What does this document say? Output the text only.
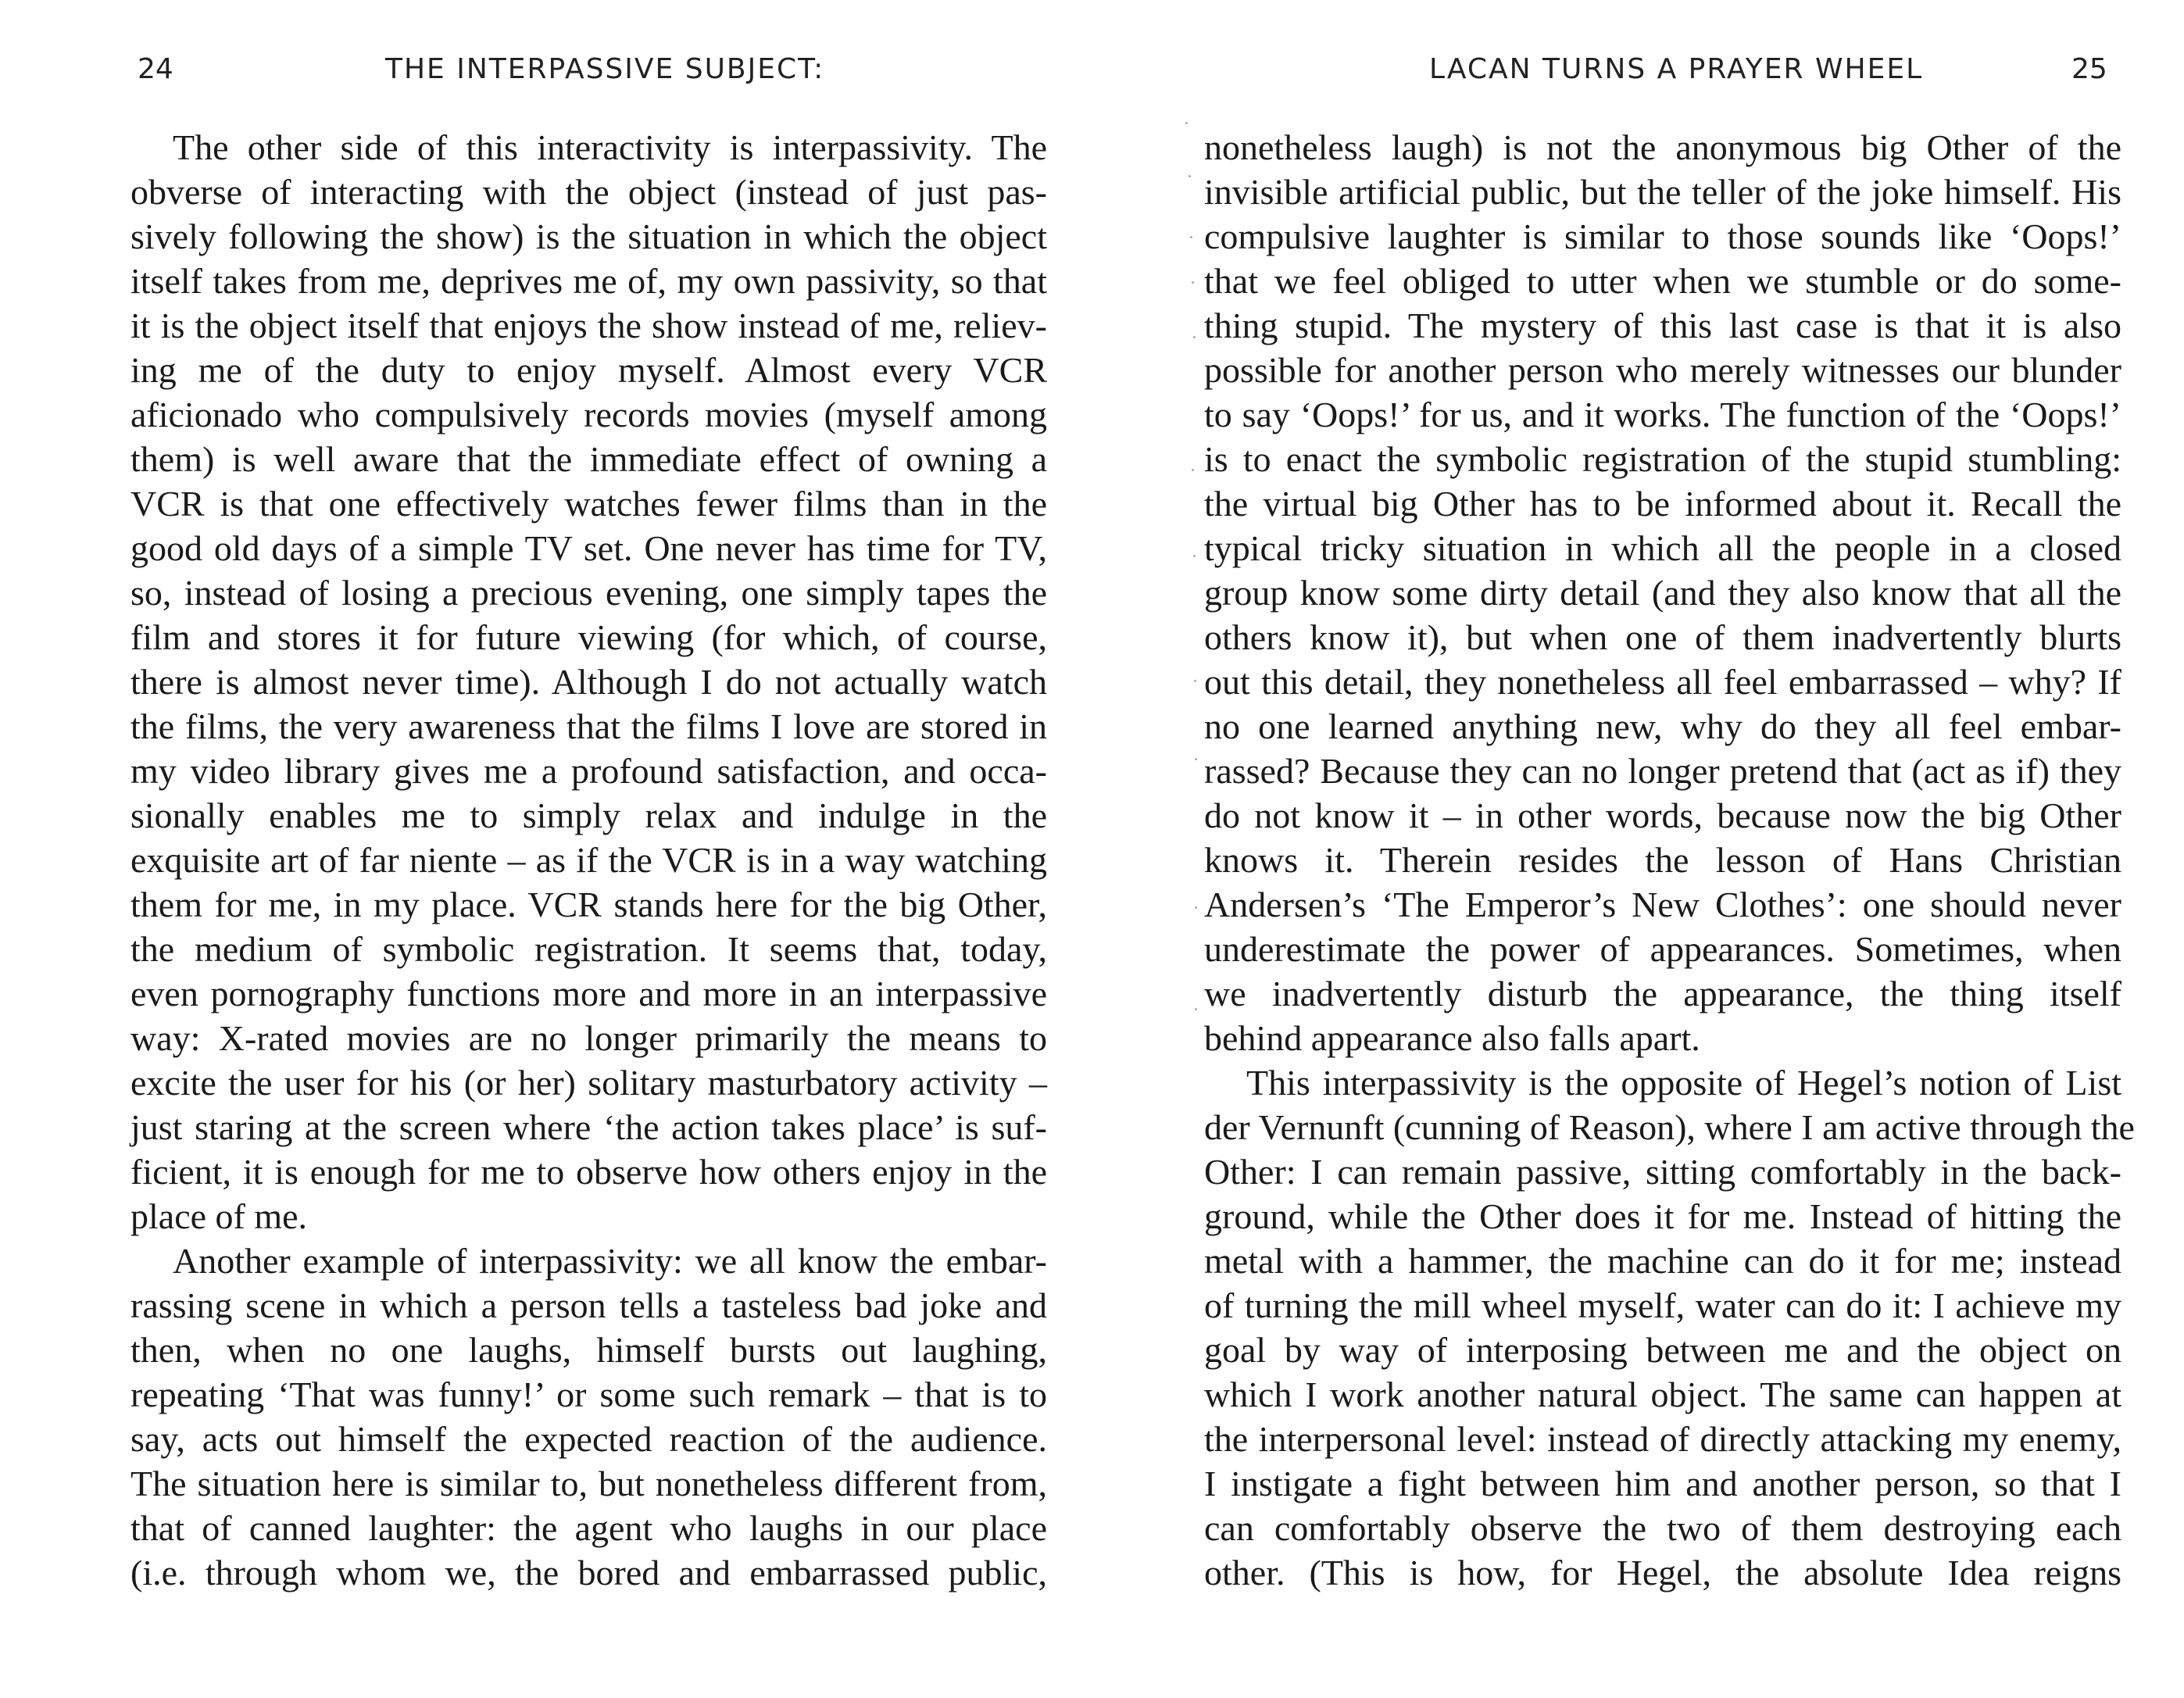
24	THE INTERPASSIVE SUBJECT:
The other side of this interactivity is interpassivity. The
obverse of interacting with the object (instead of just pas-
sively following the show) is the situation in which the object
itself takes from me, deprives me of, my own passivity, so that
it is the object itself that enjoys the show instead of me, reliev-
ing me of the duty to enjoy myself. Almost every VCR
aficionado who compulsively records movies (myself among
them) is well aware that the immediate effect of owning a
VCR is that one effectively watches fewer films than in the
good old days of a simple TV set. One never has time for TV,
so, instead of losing a precious evening, one simply tapes the
film and stores it for future viewing (for which, of course,
there is almost never time). Although I do not actually watch
the films, the very awareness that the films I love are stored in
my video library gives me a profound satisfaction, and occa-
sionally enables me to simply relax and indulge in the
exquisite art of far niente – as if the VCR is in a way watching
them for me, in my place. VCR stands here for the big Other,
the medium of symbolic registration. It seems that, today,
even pornography functions more and more in an interpassive
way: X-rated movies are no longer primarily the means to
excite the user for his (or her) solitary masturbatory activity –
just staring at the screen where ‘the action takes place’ is suf-
ficient, it is enough for me to observe how others enjoy in the
place of me.
Another example of interpassivity: we all know the embar-
rassing scene in which a person tells a tasteless bad joke and
then, when no one laughs, himself bursts out laughing,
repeating ‘That was funny!’ or some such remark – that is to
say, acts out himself the expected reaction of the audience.
The situation here is similar to, but nonetheless different from,
that of canned laughter: the agent who laughs in our place
(i.e. through whom we, the bored and embarrassed public,
LACAN TURNS A PRAYER WHEEL	25
nonetheless laugh) is not the anonymous big Other of the
invisible artificial public, but the teller of the joke himself. His
compulsive laughter is similar to those sounds like ‘Oops!’
that we feel obliged to utter when we stumble or do some-
thing stupid. The mystery of this last case is that it is also
possible for another person who merely witnesses our blunder
to say ‘Oops!’ for us, and it works. The function of the ‘Oops!’
is to enact the symbolic registration of the stupid stumbling:
the virtual big Other has to be informed about it. Recall the
typical tricky situation in which all the people in a closed
group know some dirty detail (and they also know that all the
others know it), but when one of them inadvertently blurts
out this detail, they nonetheless all feel embarrassed – why? If
no one learned anything new, why do they all feel embar-
rassed? Because they can no longer pretend that (act as if) they
do not know it – in other words, because now the big Other
knows it. Therein resides the lesson of Hans Christian
Andersen’s ‘The Emperor’s New Clothes’: one should never
underestimate the power of appearances. Sometimes, when
we inadvertently disturb the appearance, the thing itself
behind appearance also falls apart.
This interpassivity is the opposite of Hegel’s notion of List
der Vernunft (cunning of Reason), where I am active through the
Other: I can remain passive, sitting comfortably in the back-
ground, while the Other does it for me. Instead of hitting the
metal with a hammer, the machine can do it for me; instead
of turning the mill wheel myself, water can do it: I achieve my
goal by way of interposing between me and the object on
which I work another natural object. The same can happen at
the interpersonal level: instead of directly attacking my enemy,
I instigate a fight between him and another person, so that I
can comfortably observe the two of them destroying each
other. (This is how, for Hegel, the absolute Idea reigns
